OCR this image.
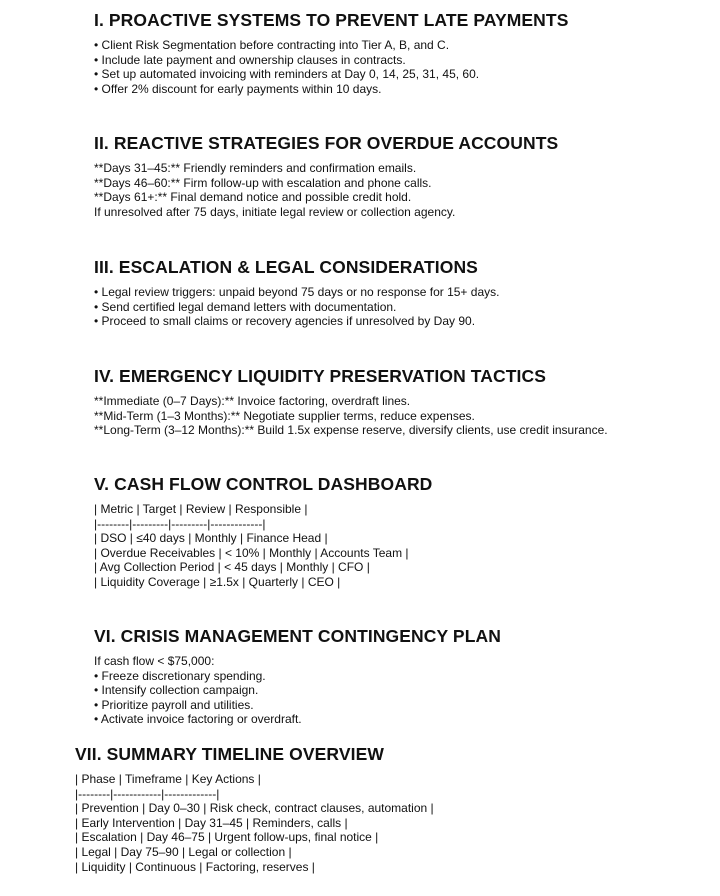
I. PROACTIVE SYSTEMS TO PREVENT LATE PAYMENTS
• Client Risk Segmentation before contracting into Tier A, B, and C.
• Include late payment and ownership clauses in contracts.
• Set up automated invoicing with reminders at Day 0, 14, 25, 31, 45, 60.
• Offer 2% discount for early payments within 10 days.
II. REACTIVE STRATEGIES FOR OVERDUE ACCOUNTS
**Days 31–45:** Friendly reminders and confirmation emails.
**Days 46–60:** Firm follow-up with escalation and phone calls.
**Days 61+:** Final demand notice and possible credit hold.
If unresolved after 75 days, initiate legal review or collection agency.
III. ESCALATION & LEGAL CONSIDERATIONS
• Legal review triggers: unpaid beyond 75 days or no response for 15+ days.
• Send certified legal demand letters with documentation.
• Proceed to small claims or recovery agencies if unresolved by Day 90.
IV. EMERGENCY LIQUIDITY PRESERVATION TACTICS
**Immediate (0–7 Days):** Invoice factoring, overdraft lines.
**Mid-Term (1–3 Months):** Negotiate supplier terms, reduce expenses.
**Long-Term (3–12 Months):** Build 1.5x expense reserve, diversify clients, use credit insurance.
V. CASH FLOW CONTROL DASHBOARD
| Metric | Target | Review | Responsible |
|--------|---------|---------|-------------|
| DSO | ≤40 days | Monthly | Finance Head |
| Overdue Receivables | < 10% | Monthly | Accounts Team |
| Avg Collection Period | < 45 days | Monthly | CFO |
| Liquidity Coverage | ≥1.5x | Quarterly | CEO |
VI. CRISIS MANAGEMENT CONTINGENCY PLAN
If cash flow < $75,000:
• Freeze discretionary spending.
• Intensify collection campaign.
• Prioritize payroll and utilities.
• Activate invoice factoring or overdraft.
VII. SUMMARY TIMELINE OVERVIEW
| Phase | Timeframe | Key Actions |
|--------|------------|-------------|
| Prevention | Day 0–30 | Risk check, contract clauses, automation |
| Early Intervention | Day 31–45 | Reminders, calls |
| Escalation | Day 46–75 | Urgent follow-ups, final notice |
| Legal | Day 75–90 | Legal or collection |
| Liquidity | Continuous | Factoring, reserves |
